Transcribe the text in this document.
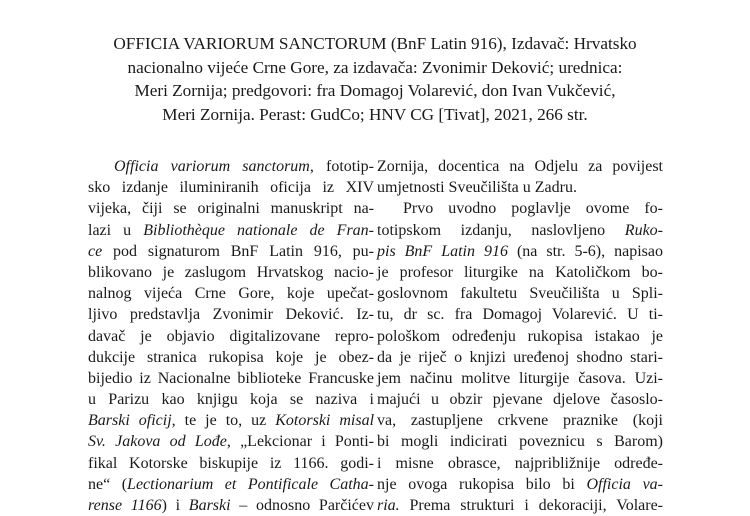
OFFICIA VARIORUM SANCTORUM (BnF Latin 916), Izdavač: Hrvatsko
nacionalno vijeće Crne Gore, za izdavača: Zvonimir Deković; urednica:
Meri Zornija; predgovori: fra Domagoj Volarević, don Ivan Vukčević,
Meri Zornija. Perast: GudCo; HNV CG [Tivat], 2021, 266 str.
Officia variorum sanctorum, fototip-
sko izdanje iluminiranih oficija iz XIV
vijeka, čiji se originalni manuskript na-
lazi u Bibliothèque nationale de Fran-
ce pod signaturom BnF Latin 916, pu-
blikovano je zaslugom Hrvatskog nacio-
nalnog vijeća Crne Gore, koje upečat-
ljivo predstavlja Zvonimir Deković. Iz-
davač je objavio digitalizovane repro-
dukcije stranica rukopisa koje je obez-
bijedio iz Nacionalne biblioteke Francuske
u Parizu kao knjigu koja se naziva i
Barski oficij, te je to, uz Kotorski misal
Sv. Jakova od Lođe, „Lekcionar i Ponti-
fikal Kotorske biskupije iz 1166. godi-
ne“ (Lectionarium et Pontificale Catha-
rense 1166) i Barski – odnosno Parčićev
Zornija, docentica na Odjelu za povijest
umjetnosti Sveučilišta u Zadru.
Prvo uvodno poglavlje ovome fo-
totipskom izdanju, naslovljeno Ruko-
pis BnF Latin 916 (na str. 5-6), napisao
je profesor liturgike na Katoličkom bo-
goslovnom fakultetu Sveučilišta u Spli-
tu, dr sc. fra Domagoj Volarević. U ti-
pološkom određenju rukopisa istakao je
da je riječ o knjizi uređenoj shodno stari-
jem načinu molitve liturgije časova. Uzi-
majući u obzir pjevane djelove časoslo-
va, zastupljene crkvene praznike (koji
bi mogli indicirati poveznicu s Barom)
i misne obrasce, najpribližnije određe-
nje ovoga rukopisa bilo bi Officia va-
ria. Prema strukturi i dekoraciji, Volare-
